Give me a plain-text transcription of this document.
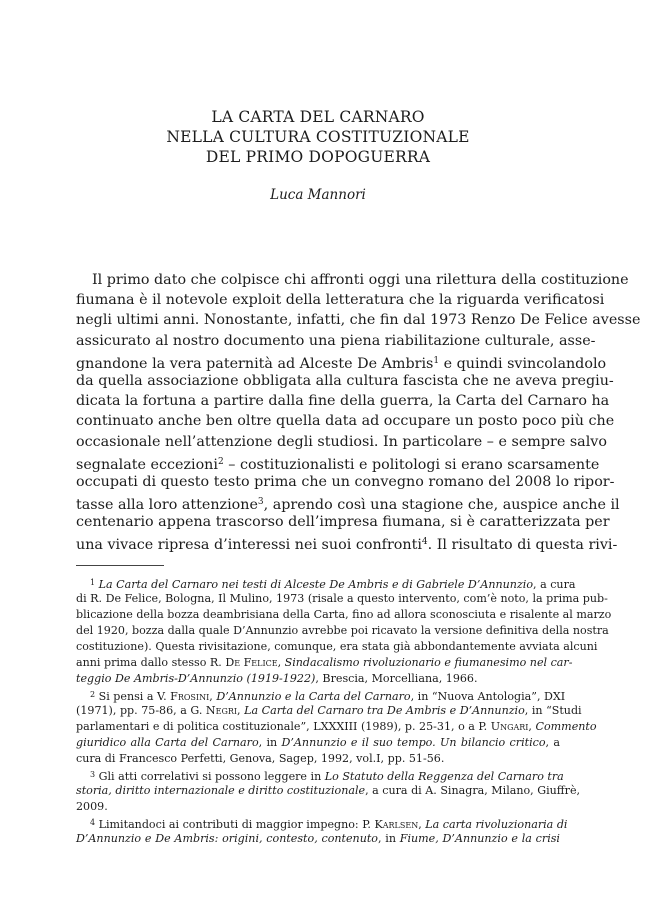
LA CARTA DEL CARNARO
NELLA CULTURA COSTITUZIONALE
DEL PRIMO DOPOGUERRA
Luca Mannori
Il primo dato che colpisce chi affronti oggi una rilettura della costituzione
fiumana è il notevole exploit della letteratura che la riguarda verificatosi
negli ultimi anni. Nonostante, infatti, che fin dal 1973 Renzo De Felice avesse
assicurato al nostro documento una piena riabilitazione culturale, asse-
gnandone la vera paternità ad Alceste De Ambris$^1$ e quindi svincolandolo
da quella associazione obbligata alla cultura fascista che ne aveva pregiu-
dicata la fortuna a partire dalla fine della guerra, la Carta del Carnaro ha
continuato anche ben oltre quella data ad occupare un posto poco più che
occasionale nell’attenzione degli studiosi. In particolare – e sempre salvo
segnalate eccezioni$^2$ – costituzionalisti e politologi si erano scarsamente
occupati di questo testo prima che un convegno romano del 2008 lo ripor-
tasse alla loro attenzione$^3$, aprendo così una stagione che, auspice anche il
centenario appena trascorso dell’impresa fiumana, si è caratterizzata per
una vivace ripresa d’interessi nei suoi confronti$^4$. Il risultato di questa rivi-
$^1$ La Carta del Carnaro nei testi di Alceste De Ambris e di Gabriele D’Annunzio, a cura
di R. De Felice, Bologna, Il Mulino, 1973 (risale a questo intervento, com’è noto, la prima pub-
blicazione della bozza deambrisiana della Carta, fino ad allora sconosciuta e risalente al marzo
del 1920, bozza dalla quale D’Annunzio avrebbe poi ricavato la versione definitiva della nostra
costituzione). Questa rivisitazione, comunque, era stata già abbondantemente avviata alcuni
anni prima dallo stesso R. De Felice, Sindacalismo rivoluzionario e fiumanesimo nel car-
teggio De Ambris-D’Annunzio (1919-1922), Brescia, Morcelliana, 1966.
$^2$ Si pensi a V. Frosini, D’Annunzio e la Carta del Carnaro, in “Nuova Antologia”, DXI
(1971), pp. 75-86, a G. Negri, La Carta del Carnaro tra De Ambris e D’Annunzio, in “Studi
parlamentari e di politica costituzionale”, LXXXIII (1989), p. 25-31, o a P. Ungari, Commento
giuridico alla Carta del Carnaro, in D’Annunzio e il suo tempo. Un bilancio critico, a
cura di Francesco Perfetti, Genova, Sagep, 1992, vol.I, pp. 51-56.
$^3$ Gli atti correlativi si possono leggere in Lo Statuto della Reggenza del Carnaro tra
storia, diritto internazionale e diritto costituzionale, a cura di A. Sinagra, Milano, Giuffrè,
2009.
$^4$ Limitandoci ai contributi di maggior impegno: P. Karlsen, La carta rivoluzionaria di
D’Annunzio e De Ambris: origini, contesto, contenuto, in Fiume, D’Annunzio e la crisi
